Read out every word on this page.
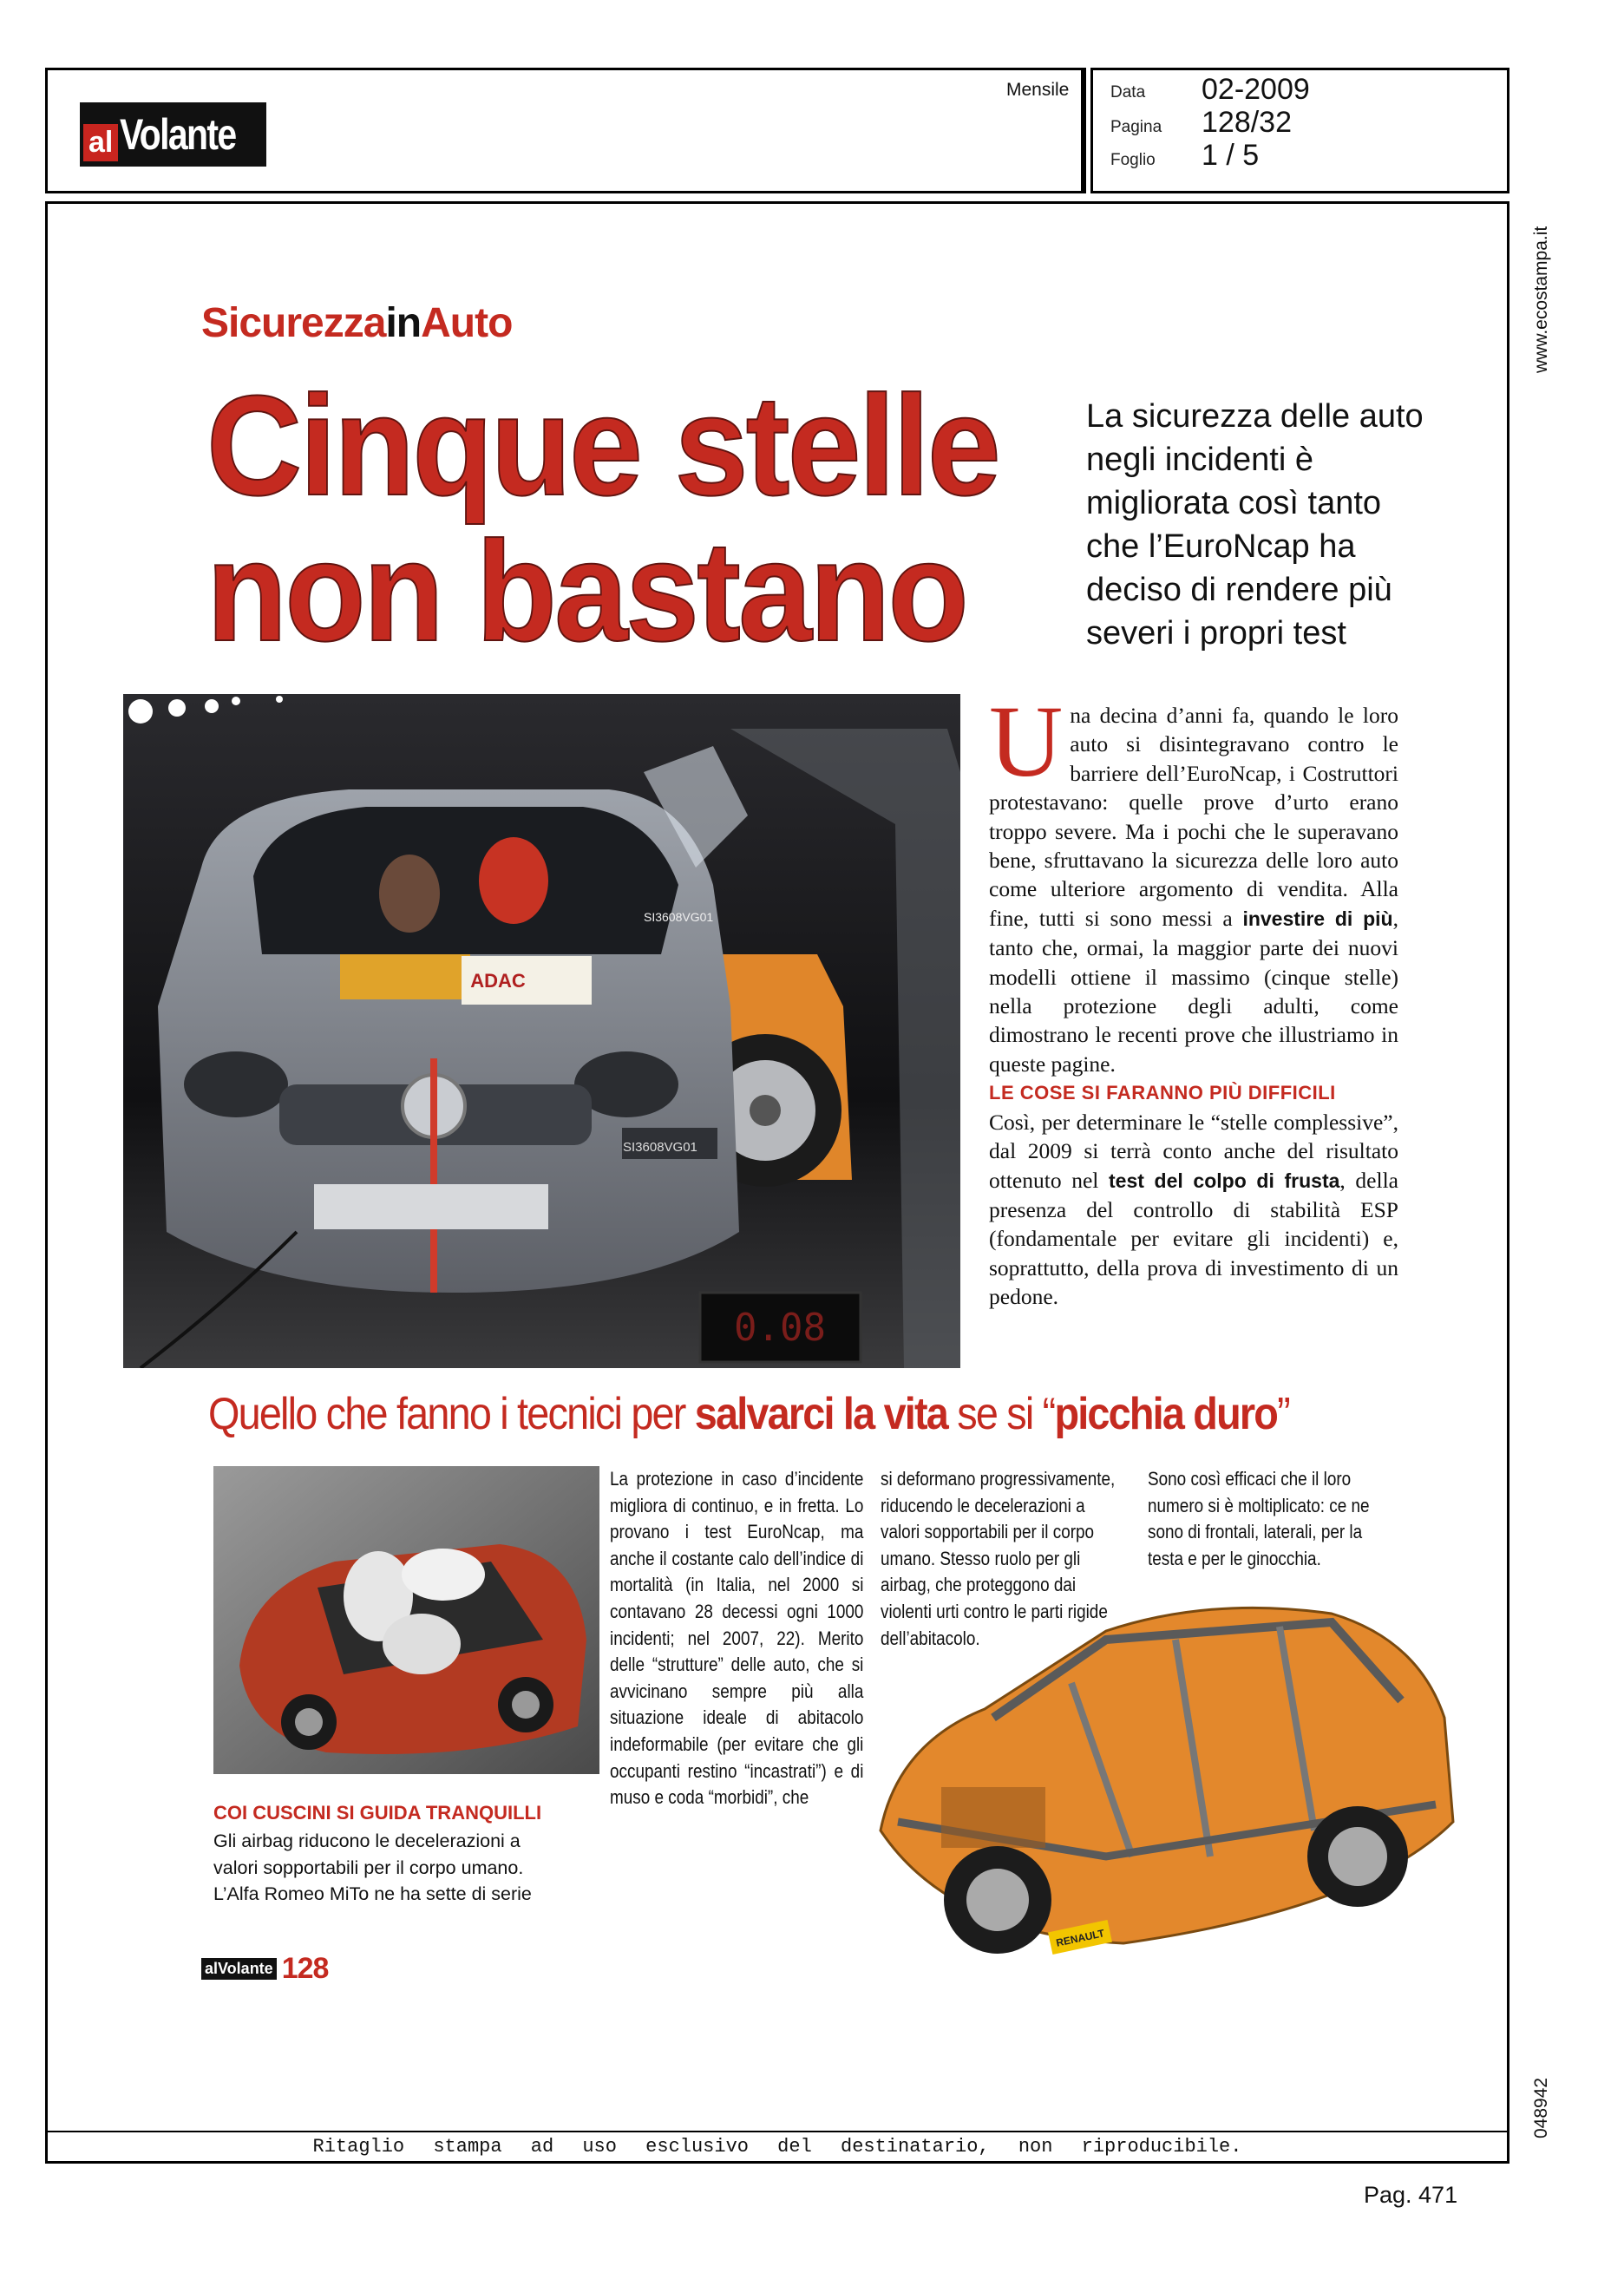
al Volante
Mensile	Data 02-2009
Pagina 128/32
Foglio 1 / 5
www.ecostampa.it
048942
SicurezzainAuto
Cinque stelle
non bastano
La sicurezza delle auto negli incidenti è migliorata così tanto che l’EuroNcap ha deciso di rendere più severi i propri test
0.08
ADAC
SI3608VG01
SI3608VG01
Una decina d’anni fa, quando le loro auto si disintegravano contro le barriere dell’EuroNcap, i Costruttori protestavano: quelle prove d’urto erano troppo severe. Ma i pochi che le superavano bene, sfruttavano la sicurezza delle loro auto come ulteriore argomento di vendita. Alla fine, tutti si sono messi a investire di più, tanto che, ormai, la maggior parte dei nuovi modelli ottiene il massimo (cinque stelle) nella protezione degli adulti, come dimostrano le recenti prove che illustriamo in queste pagine.
LE COSE SI FARANNO PIÙ DIFFICILI
Così, per determinare le “stelle complessive”, dal 2009 si terrà conto anche del risultato ottenuto nel test del colpo di frusta, della presenza del controllo di stabilità ESP (fondamentale per evitare gli incidenti) e, soprattutto, della prova di investimento di un pedone.
Quello che fanno i tecnici per salvarci la vita se si “picchia duro”
COI CUSCINI SI GUIDA TRANQUILLI
Gli airbag riducono le decelerazioni a valori sopportabili per il corpo umano. L’Alfa Romeo MiTo ne ha sette di serie
RENAULT
La protezione in caso d’incidente migliora di continuo, e in fretta. Lo provano i test EuroNcap, ma anche il costante calo dell’indice di mortalità (in Italia, nel 2000 si contavano 28 decessi ogni 1000 incidenti; nel 2007, 22). Merito delle “strutture” delle auto, che si avvicinano sempre più alla situazione ideale di abitacolo indeformabile (per evitare che gli occupanti restino “incastrati”) e di muso e coda “morbidi”, che
si deformano progressivamente, riducendo le decelerazioni a valori sopportabili per il corpo umano. Stesso ruolo per gli airbag, che proteggono dai violenti urti contro le parti rigide dell’abitacolo.
Sono così efficaci che il loro numero si è moltiplicato: ce ne sono di frontali, laterali, per la testa e per le ginocchia.
alVolante 128
Ritaglio stampa ad uso esclusivo del destinatario, non riproducibile.
Pag. 471
